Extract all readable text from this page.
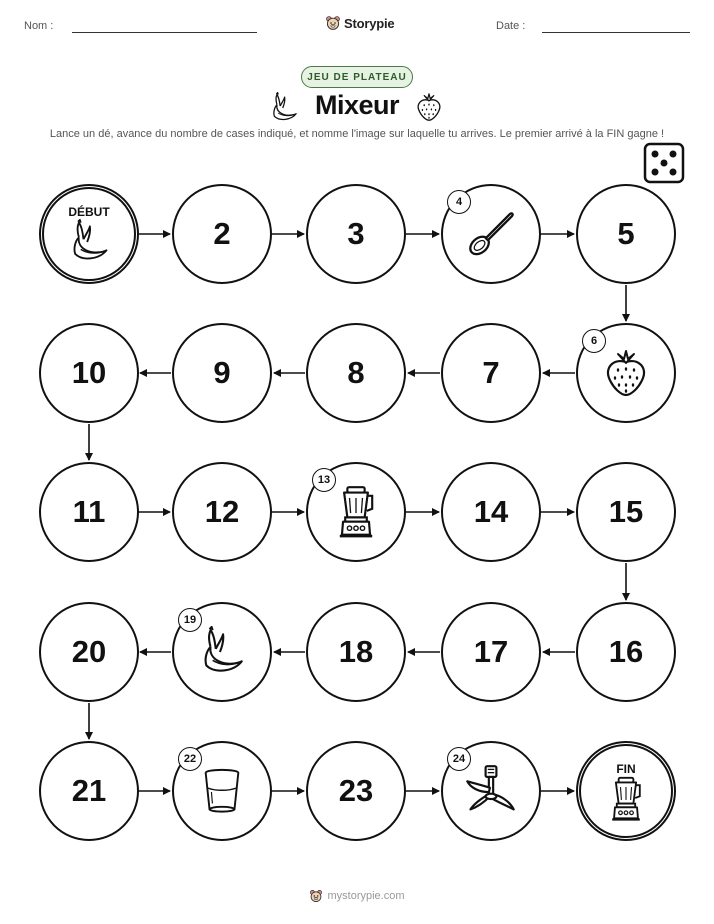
Nom :	Storypie	Date :
JEU DE PLATEAU
Mixeur
Lance un dé, avance du nombre de cases indiqué, et nomme l'image sur laquelle tu arrives. Le premier arrivé à la FIN gagne !
DÉBUT
2	3
4
5
10	9	8	7
6
11	12
13
14	15
20
19
18	17	16
21
22
23
24
FIN
mystorypie.com
